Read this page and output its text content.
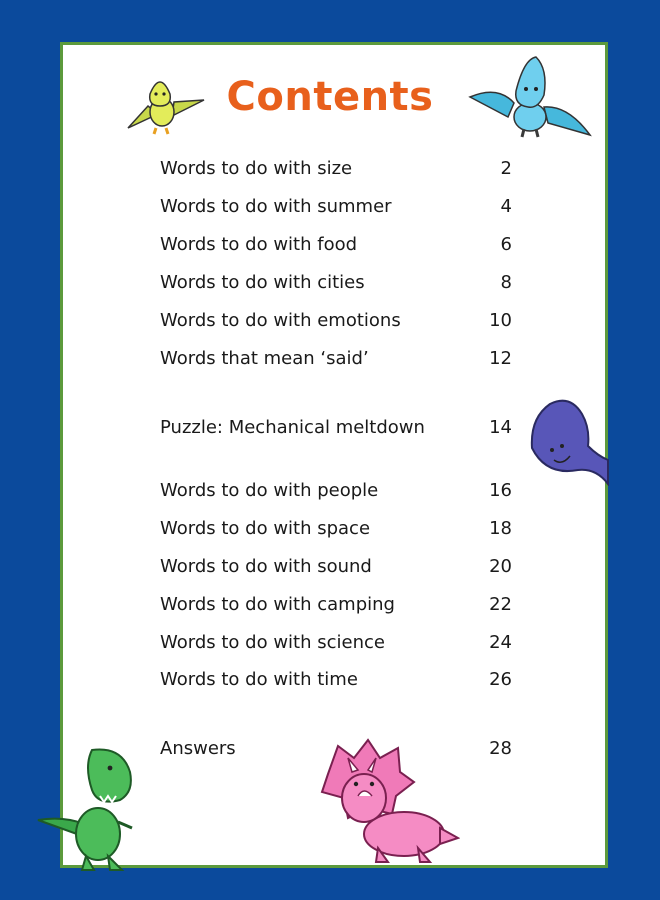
Contents
Words to do with size	2
Words to do with summer	4
Words to do with food	6
Words to do with cities	8
Words to do with emotions	10
Words that mean ‘said’	12
Puzzle: Mechanical meltdown	14
Words to do with people	16
Words to do with space	18
Words to do with sound	20
Words to do with camping	22
Words to do with science	24
Words to do with time	26
Answers	28
